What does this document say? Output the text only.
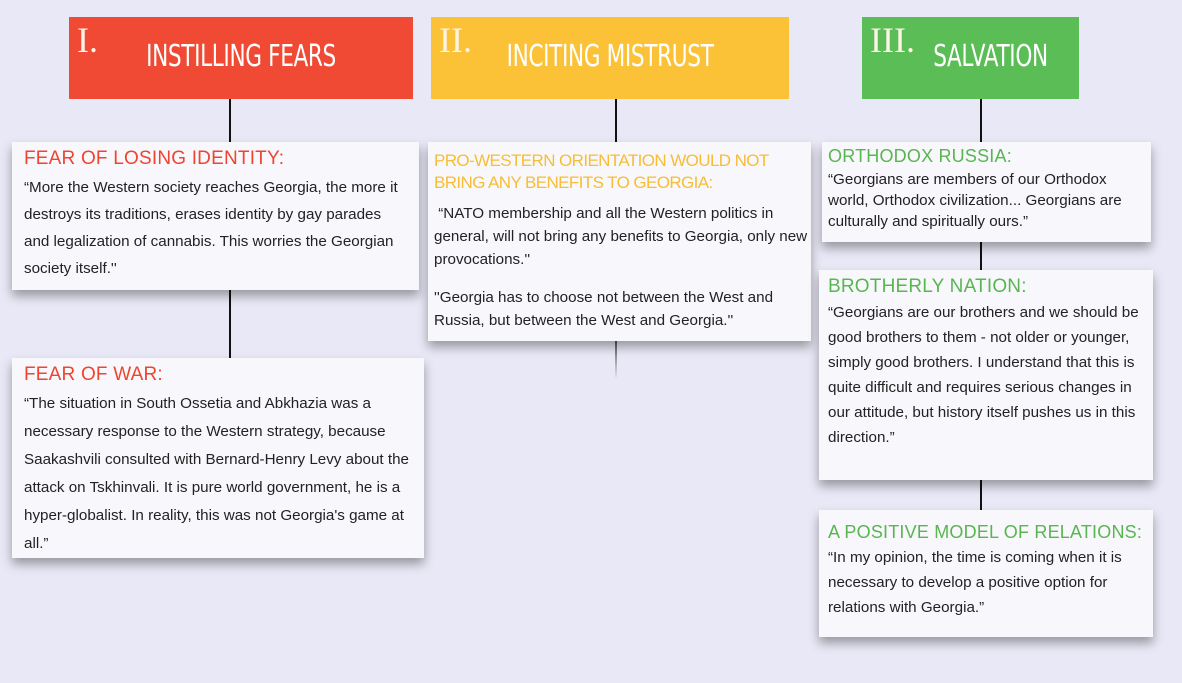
I.	INSTILLING FEARS	II.	INCITING MISTRUST	III. SALVATION
FEAR OF LOSING IDENTITY:
“More the Western society reaches Georgia, the more it destroys its traditions, erases identity by gay parades and legalization of cannabis. This worries the Georgian society itself.''
FEAR OF WAR:
“The situation in South Ossetia and Abkhazia was a necessary response to the Western strategy, because Saakashvili consulted with Bernard-Henry Levy about the attack on Tskhinvali. It is pure world government, he is a hyper-globalist. In reality, this was not Georgia's game at all.”
PRO-WESTERN ORIENTATION WOULD NOT BRING ANY BENEFITS TO GEORGIA:
“NATO membership and all the Western politics in general, will not bring any benefits to Georgia, only new provocations.''
''Georgia has to choose not between the West and Russia, but between the West and Georgia.''
ORTHODOX RUSSIA:
“Georgians are members of our Orthodox world, Orthodox civilization... Georgians are culturally and spiritually ours.”
BROTHERLY NATION:
“Georgians are our brothers and we should be good brothers to them - not older or younger, simply good brothers. I understand that this is quite difficult and requires serious changes in our attitude, but history itself pushes us in this direction.”
A POSITIVE MODEL OF RELATIONS:
“In my opinion, the time is coming when it is necessary to develop a positive option for relations with Georgia.”
